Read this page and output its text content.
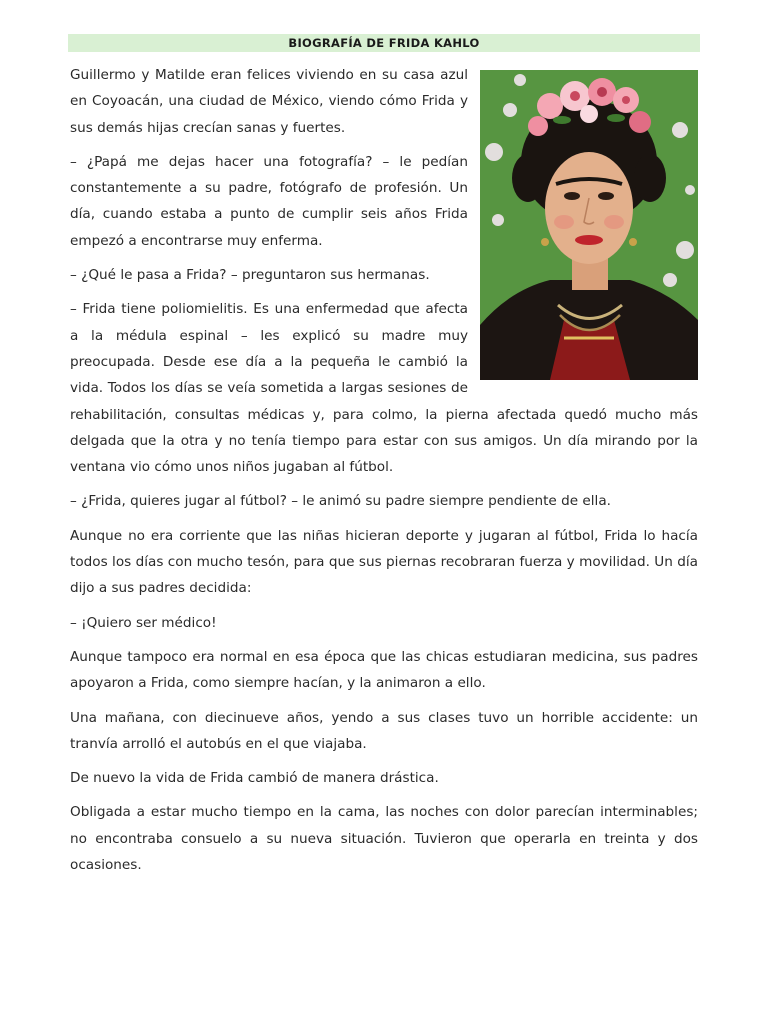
BIOGRAFÍA DE FRIDA KAHLO

Guillermo y Matilde eran felices viviendo en su casa azul en Coyoacán, una ciudad de México, viendo cómo Frida y sus demás hijas crecían sanas y fuertes.

– ¿Papá me dejas hacer una fotografía? – le pedían constantemente a su padre, fotógrafo de profesión. Un día, cuando estaba a punto de cumplir seis años Frida empezó a encontrarse muy enferma.

– ¿Qué le pasa a Frida? – preguntaron sus hermanas.

– Frida tiene poliomielitis. Es una enfermedad que afecta a la médula espinal – les explicó su madre muy preocupada. Desde ese día a la pequeña le cambió la vida. Todos los días se veía sometida a largas sesiones de rehabilitación, consultas médicas y, para colmo, la pierna afectada quedó mucho más delgada que la otra y no tenía tiempo para estar con sus amigos. Un día mirando por la ventana vio cómo unos niños jugaban al fútbol.

– ¿Frida, quieres jugar al fútbol? – le animó su padre siempre pendiente de ella.

Aunque no era corriente que las niñas hicieran deporte y jugaran al fútbol, Frida lo hacía todos los días con mucho tesón, para que sus piernas recobraran fuerza y movilidad. Un día dijo a sus padres decidida:

– ¡Quiero ser médico!

Aunque tampoco era normal en esa época que las chicas estudiaran medicina, sus padres apoyaron a Frida, como siempre hacían, y la animaron a ello.

Una mañana, con diecinueve años, yendo a sus clases tuvo un horrible accidente: un tranvía arrolló el autobús en el que viajaba.

De nuevo la vida de Frida cambió de manera drástica.

Obligada a estar mucho tiempo en la cama, las noches con dolor parecían interminables; no encontraba consuelo a su nueva situación. Tuvieron que operarla en treinta y dos ocasiones.
